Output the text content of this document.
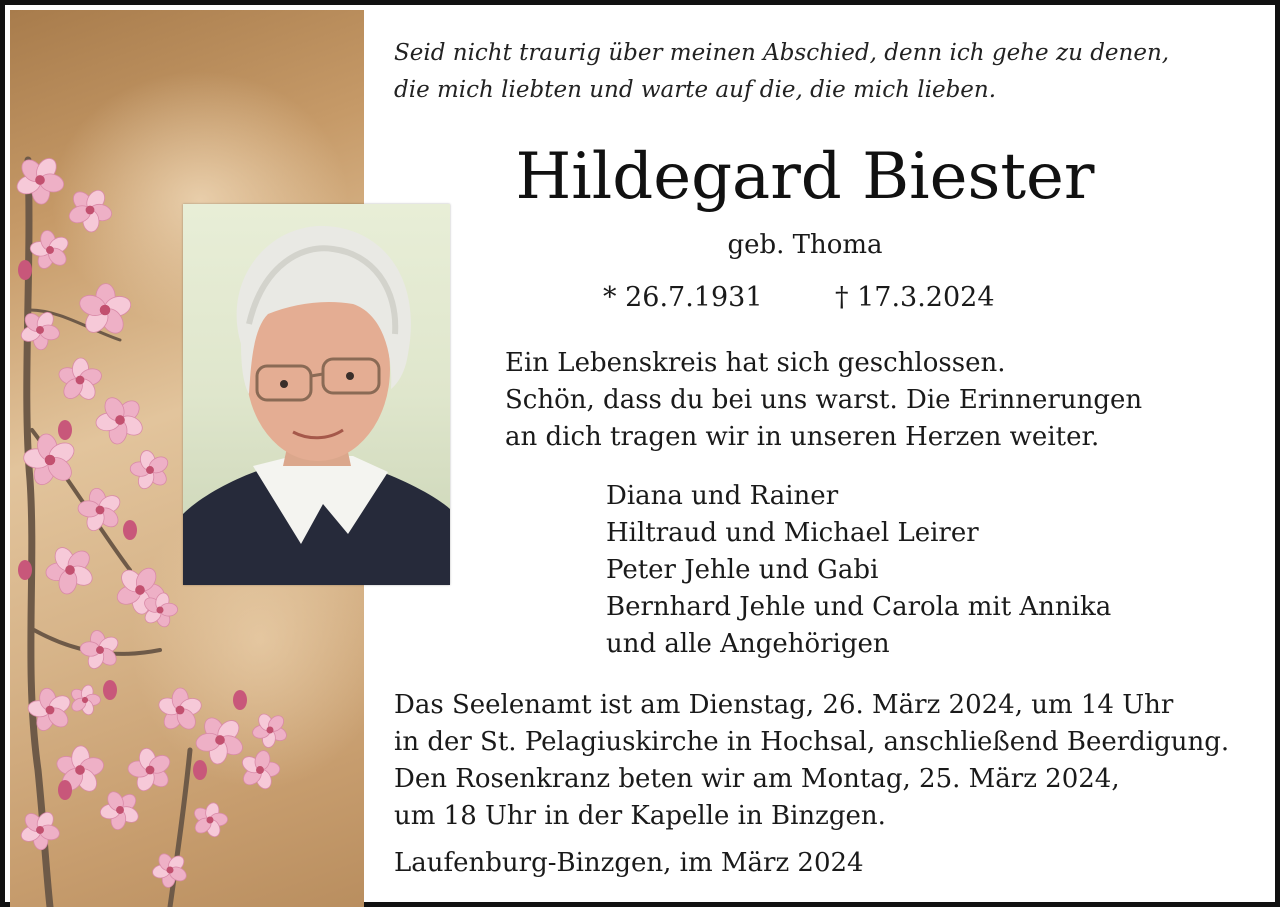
Seid nicht traurig über meinen Abschied, denn ich gehe zu denen,
die mich liebten und warte auf die, die mich lieben.
Hildegard Biester
geb. Thoma
* 26.7.1931	† 17.3.2024
Ein Lebenskreis hat sich geschlossen.
Schön, dass du bei uns warst. Die Erinnerungen
an dich tragen wir in unseren Herzen weiter.
Diana und Rainer
Hiltraud und Michael Leirer
Peter Jehle und Gabi
Bernhard Jehle und Carola mit Annika
und alle Angehörigen
Das Seelenamt ist am Dienstag, 26. März 2024, um 14 Uhr
in der St. Pelagiuskirche in Hochsal, anschließend Beerdigung.
Den Rosenkranz beten wir am Montag, 25. März 2024,
um 18 Uhr in der Kapelle in Binzgen.
Laufenburg-Binzgen, im März 2024
